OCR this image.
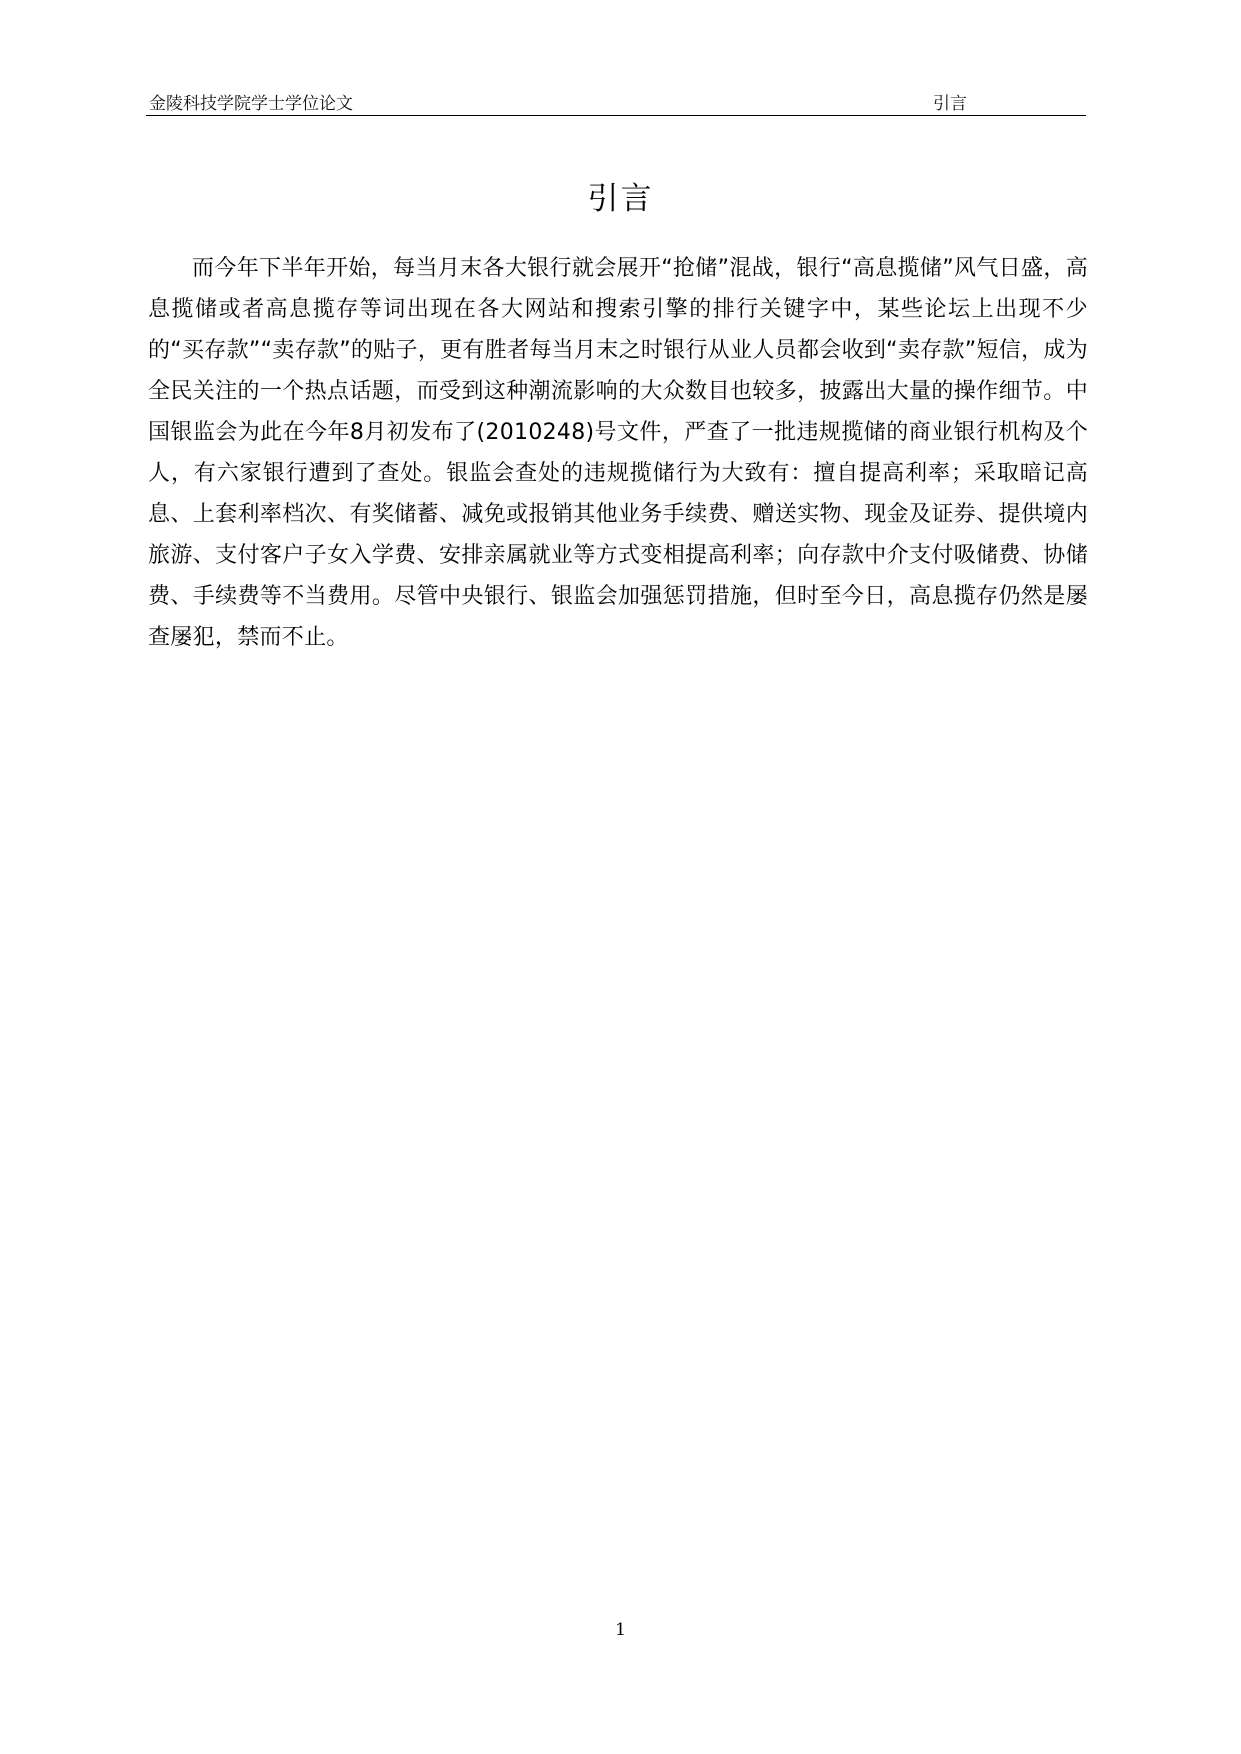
金陵科技学院学士学位论文	引言
引言

而今年下半年开始，每当月末各大银行就会展开“抢储”混战，银行“高息揽储”风气日盛，高息揽储或者高息揽存等词出现在各大网站和搜索引擎的排行关键字中，某些论坛上出现不少的“买存款”“卖存款”的贴子，更有胜者每当月末之时银行从业人员都会收到“卖存款”短信，成为全民关注的一个热点话题，而受到这种潮流影响的大众数目也较多，披露出大量的操作细节。中国银监会为此在今年8月初发布了(2010248)号文件，严查了一批违规揽储的商业银行机构及个人，有六家银行遭到了查处。银监会查处的违规揽储行为大致有：擅自提高利率；采取暗记高息、上套利率档次、有奖储蓄、减免或报销其他业务手续费、赠送实物、现金及证券、提供境内旅游、支付客户子女入学费、安排亲属就业等方式变相提高利率；向存款中介支付吸储费、协储费、手续费等不当费用。尽管中央银行、银监会加强惩罚措施，但时至今日，高息揽存仍然是屡查屡犯，禁而不止。

1
